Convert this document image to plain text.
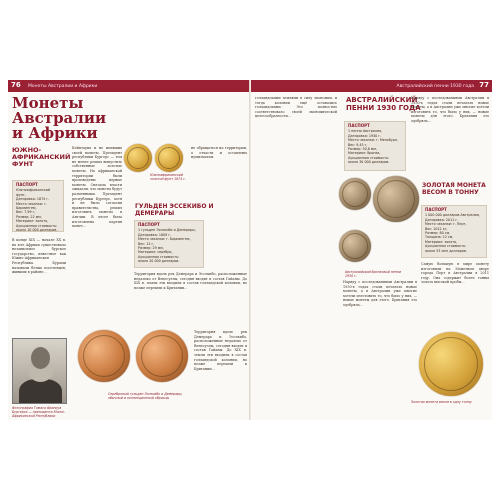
76 Монеты Австралии и Африки
Монеты Австралии и Африки
ЮЖНО-АФРИКАНСКИЙ ФУНТ
ПАСПОРТ
Южноафриканский фунт,
Датировка: 1874 г.
Место чеканки: г. Бирмингем,
Вес: 7,99 г,
Размер: 22 мм,
Материал: золото,
Аукционная стоимость:
около 10 000 долларов.
В конце XIX — начале XX в. на юге Африки существовало независимое бурское государство, известное как Южно-Африканская Республика. Бурами называли белых поселенцев, живших в районе...
Кейптауна и не имевших своей валюты. Президент республики Бургерс — тем не менее решил выпустить собственные золотые монеты. На африканской территории были произведены первые монеты. Сначала власти ожидали, что монеты будут разменными. Президент республики Бургерс, хотя и не было согласия правительства, решил изготовить монеты в Англии. В итоге была изготовлена партия монет...
не обращаться на территории, а отчасти и оставлены нумизматам.
Южноафриканский золотой фунт 1874 г.
ГУЛЬДЕН ЭССЕКИБО И ДЕМЕРАРЫ
ПАСПОРТ
1 гульден Эссекибо и Демерары,
Датировка: 1809 г.
Место чеканки: г. Бирмингем,
Вес: 12 г,
Размер: 29 мм,
Материал: серебро,
Аукционная стоимость:
около 20 000 долларов.
Территория вдоль рек Демерара и Эссекибо, расположенные недалеко от Венесуэлы, сегодня входит в состав Гайаны. До XIX в. земли эти входили в состав голландской колонии, но позже перешли к Британии...
Фотография Томаса Франсуа Бургерса — президента Южно-Африканской Республики
Серебряный гульден Эссекибо и Демерары, обычный и коллекционный образцы
Территория вдоль рек Демерара и Эссекибо, расположенные недалеко от Венесуэлы, сегодня входит в состав Гайаны. До XIX в. земли эти входили в состав голландской колонии, но позже перешли к Британии...
Австралийский пенни 1930 года 77
голландскими землями в силу экономии, и тогда колонии ещё оставались голландскими. Это полностью соответствовало своей экономической целесообразности...
АВСТРАЛИЙСКИЙ ПЕННИ 1930 ГОДА
ПАСПОРТ
1 пенни Австралия,
Датировка: 1930 г.
Место чеканки: г. Мельбурн,
Вес: 9,45 г,
Размер: 30,8 мм,
Материал: бронза,
Аукционная стоимость:
около 30 000 долларов.
Наряду с исследованиями Австралии в 1930-х годах стали печатать новые монеты, а в Австралии уже многие хотели изготовить то, что было у них, — новые монеты для этого. Британия это одобряла...
Австралийский бронзовый пенни 1930 г.
Наряду с исследованиями Австралии в 1930-х годах стали печатать новые монеты, а в Австралии уже многие хотели изготовить то, что было у них, — новые монеты для этого. Британия это одобряла...
ЗОЛОТАЯ МОНЕТА ВЕСОМ В ТОННУ
ПАСПОРТ
1 000 000 долларов Австралия,
Датировка: 2011 г.
Место чеканки: г. Перт,
Вес: 1012 кг,
Размер: 80 см,
Толщина: 12 см,
Материал: золото,
Аукционная стоимость:
около 53 млн долларов.
Самую большую в мире монету изготовили на Монетном дворе города Перт в Австралии в 2011 году. Она содержит более тонны золота высокой пробы...
Золотая монета весом в одну тонну
